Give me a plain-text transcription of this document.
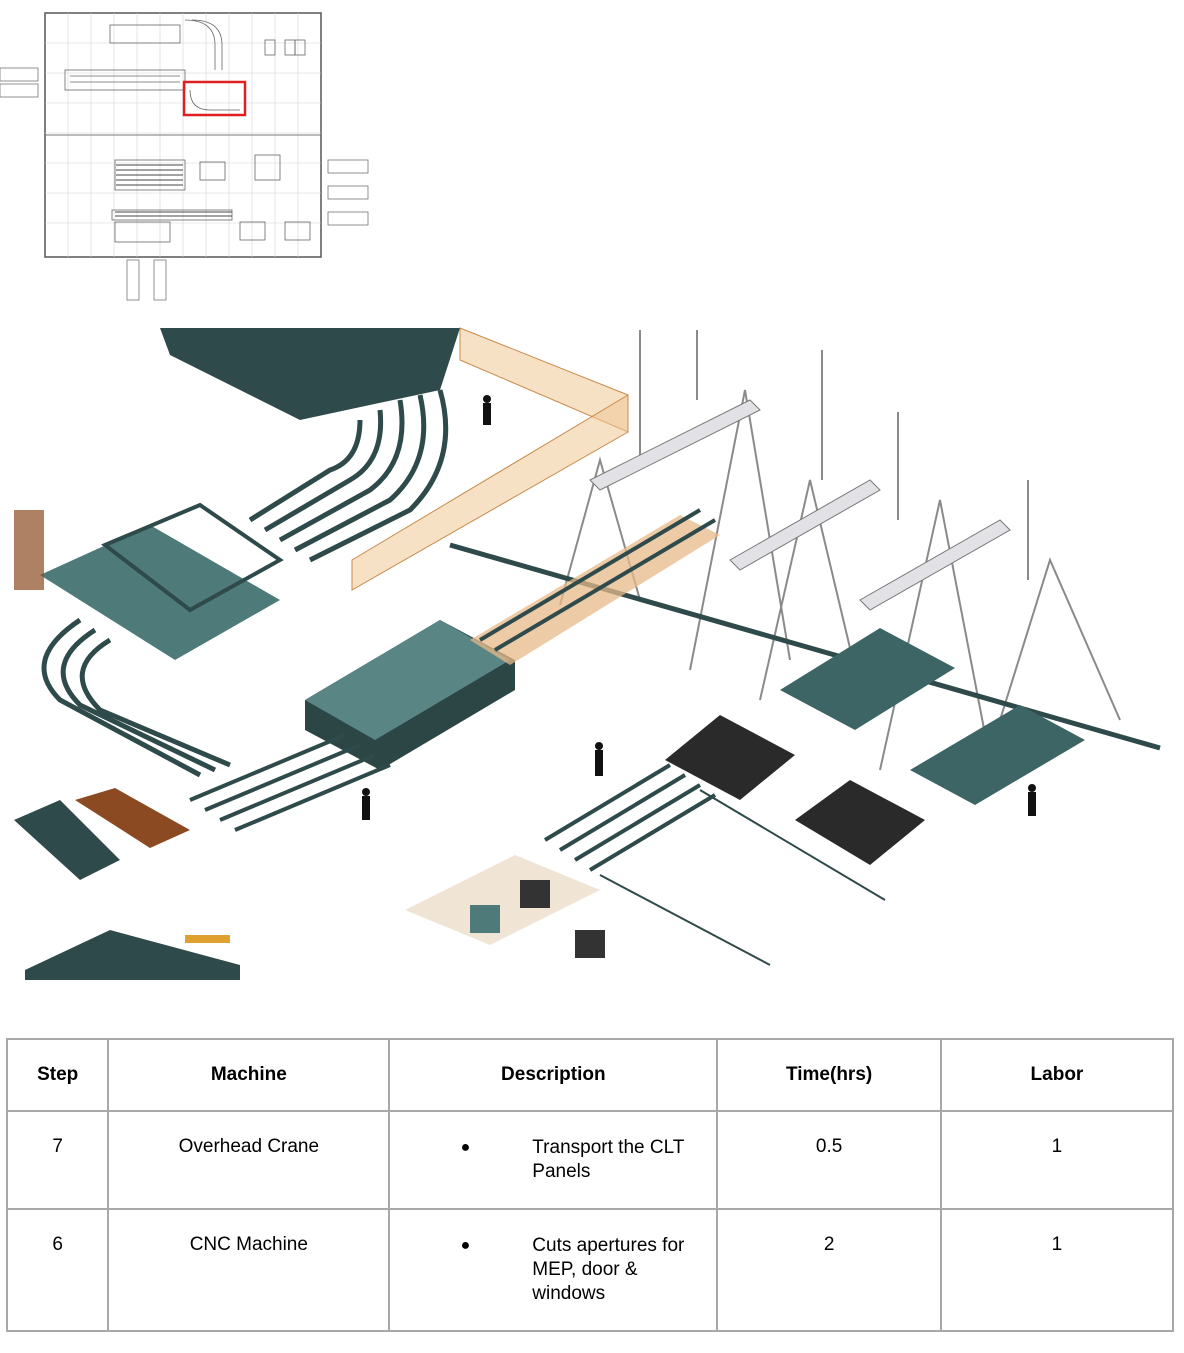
Step	Machine	Description	Time(hrs)	Labor
7	Overhead Crane	● Transport the CLT Panels	0.5	1
6	CNC Machine	● Cuts apertures for MEP, door & windows	2	1
